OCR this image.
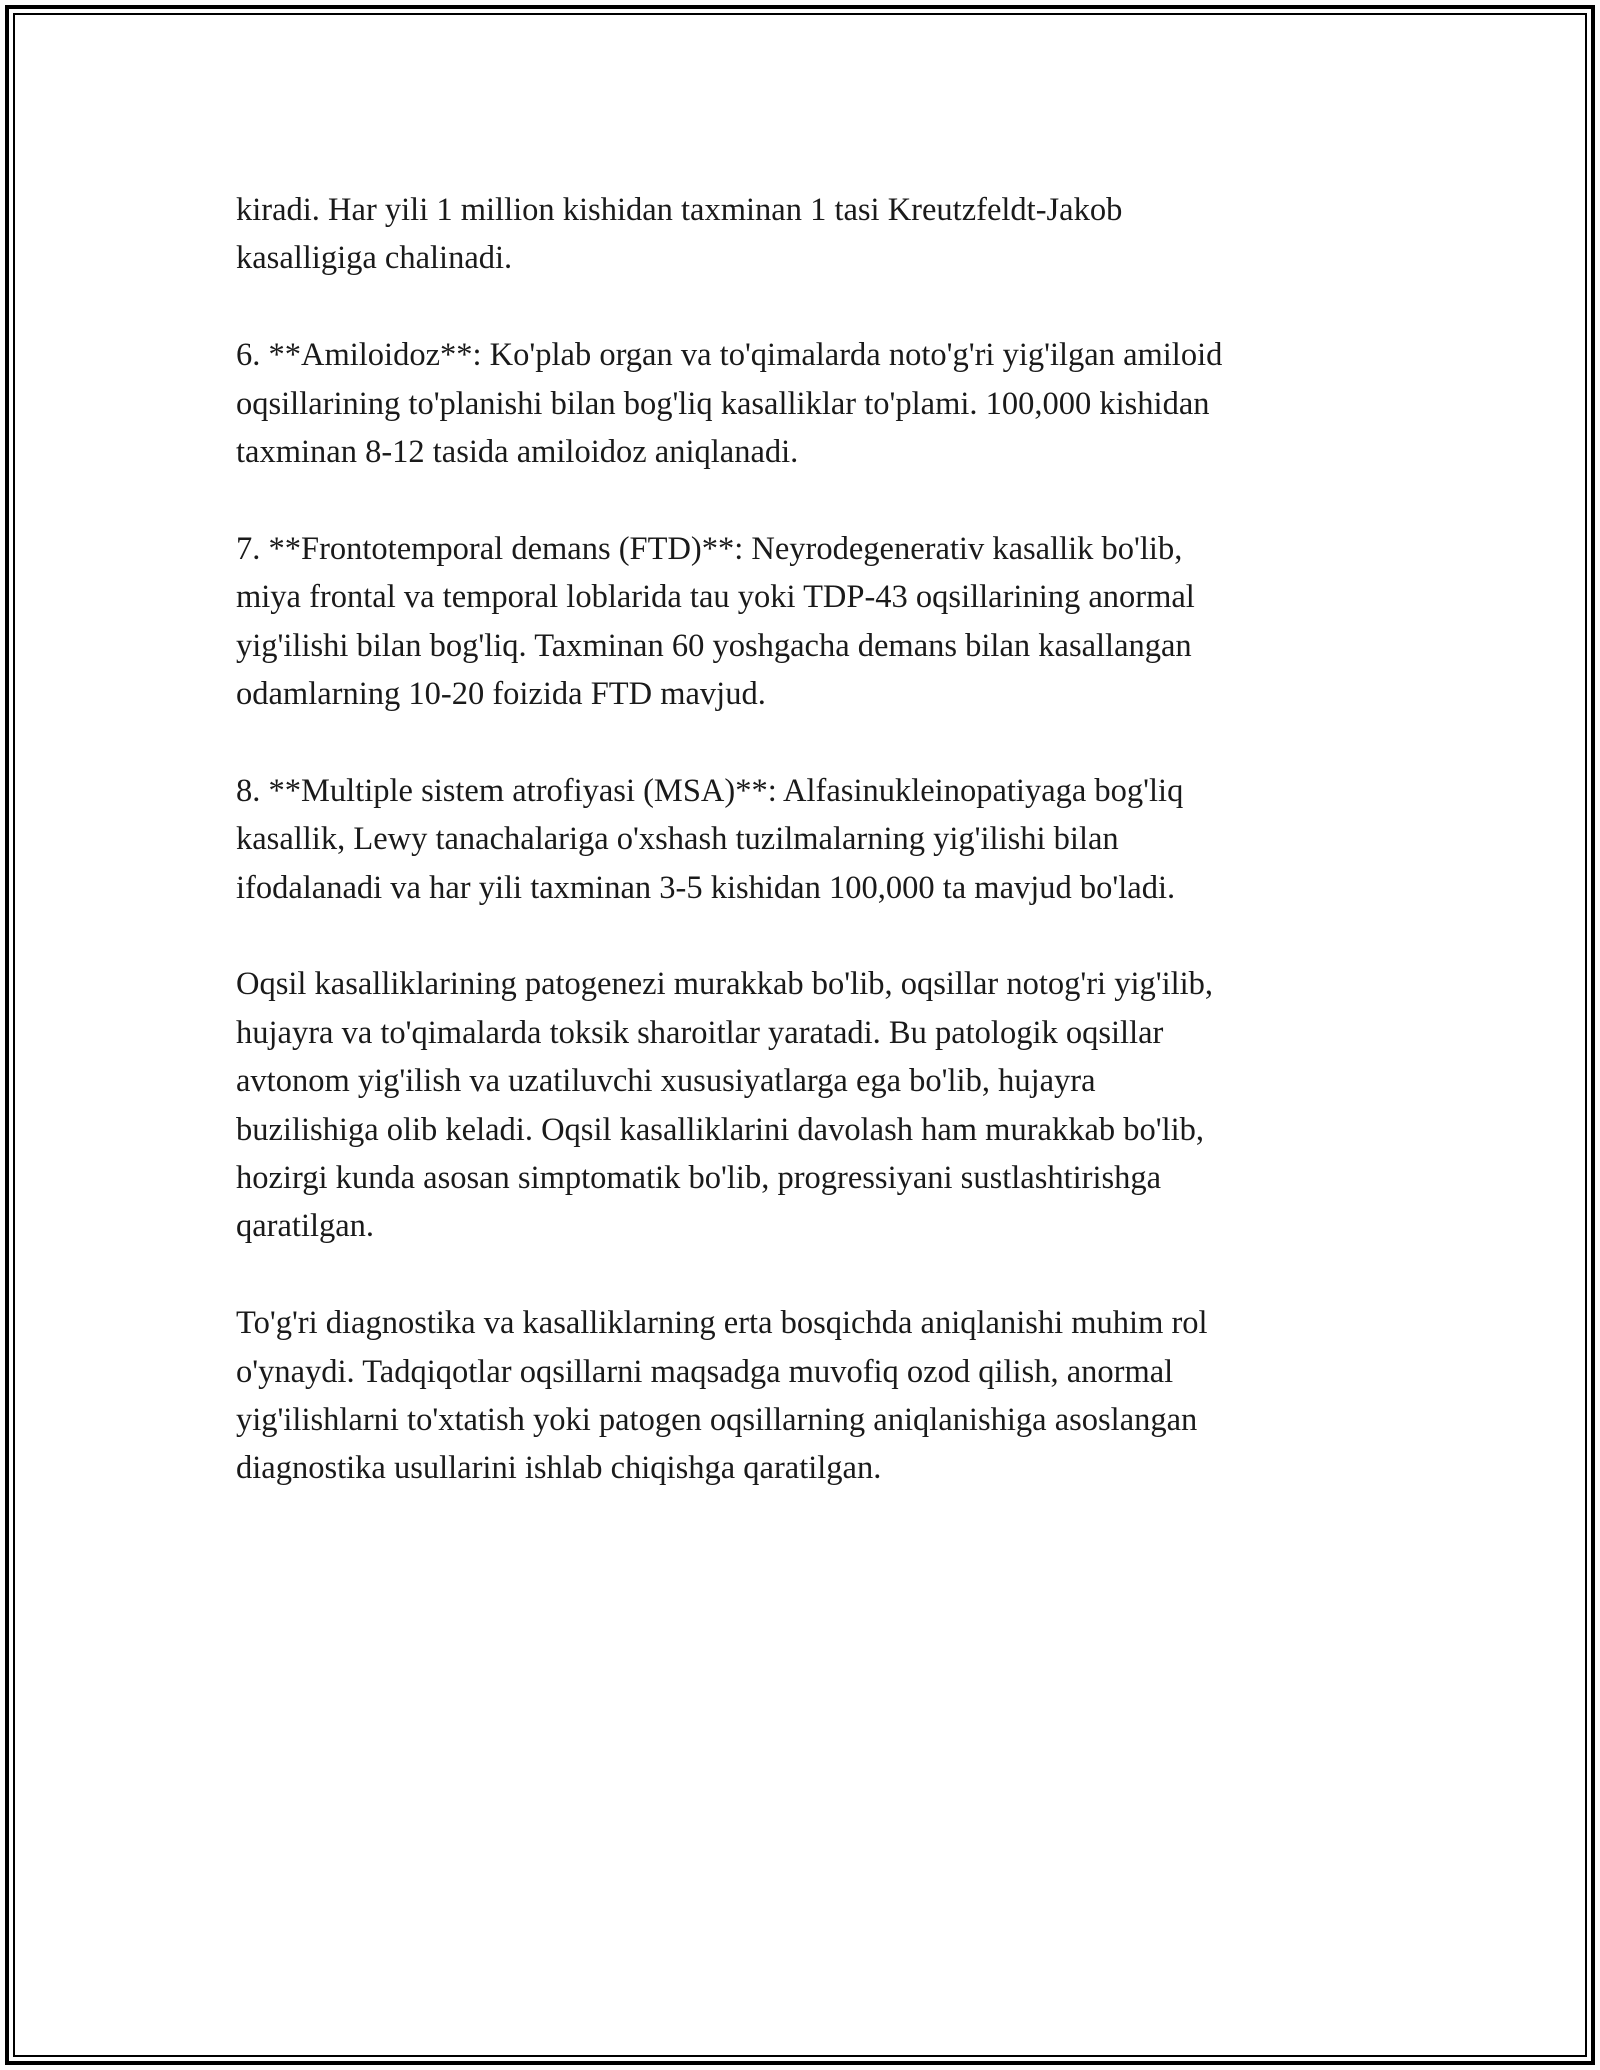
kiradi. Har yili 1 million kishidan taxminan 1 tasi Kreutzfeldt-Jakob
kasalligiga chalinadi.

6. **Amiloidoz**: Ko'plab organ va to'qimalarda noto'g'ri yig'ilgan amiloid
oqsillarining to'planishi bilan bog'liq kasalliklar to'plami. 100,000 kishidan
taxminan 8-12 tasida amiloidoz aniqlanadi.

7. **Frontotemporal demans (FTD)**: Neyrodegenerativ kasallik bo'lib,
miya frontal va temporal loblarida tau yoki TDP-43 oqsillarining anormal
yig'ilishi bilan bog'liq. Taxminan 60 yoshgacha demans bilan kasallangan
odamlarning 10-20 foizida FTD mavjud.

8. **Multiple sistem atrofiyasi (MSA)**: Alfasinukleinopatiyaga bog'liq
kasallik, Lewy tanachalariga o'xshash tuzilmalarning yig'ilishi bilan
ifodalanadi va har yili taxminan 3-5 kishidan 100,000 ta mavjud bo'ladi.

Oqsil kasalliklarining patogenezi murakkab bo'lib, oqsillar notog'ri yig'ilib,
hujayra va to'qimalarda toksik sharoitlar yaratadi. Bu patologik oqsillar
avtonom yig'ilish va uzatiluvchi xususiyatlarga ega bo'lib, hujayra
buzilishiga olib keladi. Oqsil kasalliklarini davolash ham murakkab bo'lib,
hozirgi kunda asosan simptomatik bo'lib, progressiyani sustlashtirishga
qaratilgan.

To'g'ri diagnostika va kasalliklarning erta bosqichda aniqlanishi muhim rol
o'ynaydi. Tadqiqotlar oqsillarni maqsadga muvofiq ozod qilish, anormal
yig'ilishlarni to'xtatish yoki patogen oqsillarning aniqlanishiga asoslangan
diagnostika usullarini ishlab chiqishga qaratilgan.
